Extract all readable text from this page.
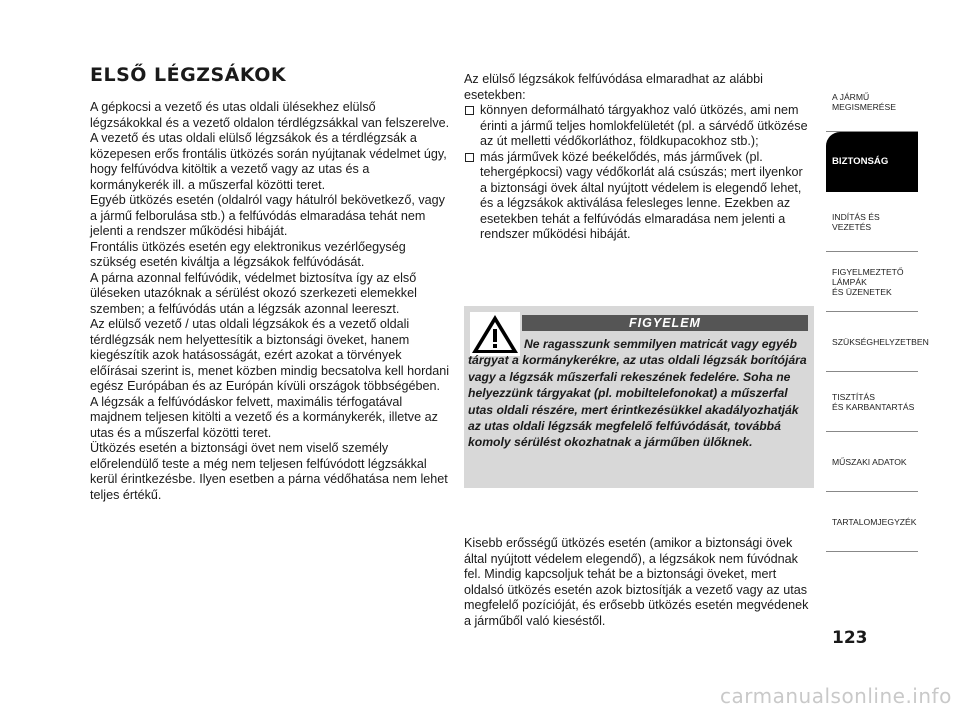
ELSŐ LÉGZSÁKOK

A gépkocsi a vezető és utas oldali ülésekhez elülső légzsákokkal és a vezető oldalon térdlégzsákkal van felszerelve.
A vezető és utas oldali elülső légzsákok és a térdlégzsák a közepesen erős frontális ütközés során nyújtanak védelmet úgy, hogy felfúvódva kitöltik a vezető vagy az utas és a kormánykerék ill. a műszerfal közötti teret.
Egyéb ütközés esetén (oldalról vagy hátulról bekövetkező, vagy a jármű felborulása stb.) a felfúvódás elmaradása tehát nem jelenti a rendszer működési hibáját.
Frontális ütközés esetén egy elektronikus vezérlőegység szükség esetén kiváltja a légzsákok felfúvódását.
A párna azonnal felfúvódik, védelmet biztosítva így az első üléseken utazóknak a sérülést okozó szerkezeti elemekkel szemben; a felfúvódás után a légzsák azonnal leereszt.
Az elülső vezető / utas oldali légzsákok és a vezető oldali térdlégzsák nem helyettesítik a biztonsági öveket, hanem kiegészítik azok hatásosságát, ezért azokat a törvények előírásai szerint is, menet közben mindig becsatolva kell hordani egész Európában és az Európán kívüli országok többségében.
A légzsák a felfúvódáskor felvett, maximális térfogatával majdnem teljesen kitölti a vezető és a kormánykerék, illetve az utas és a műszerfal közötti teret.
Ütközés esetén a biztonsági övet nem viselő személy előrelendülő teste a még nem teljesen felfúvódott légzsákkal kerül érintkezésbe. Ilyen esetben a párna védőhatása nem lehet teljes értékű.

Az elülső légzsákok felfúvódása elmaradhat az alábbi esetekben:

könnyen deformálható tárgyakhoz való ütközés, ami nem érinti a jármű teljes homlokfelületét (pl. a sárvédő ütközése az út melletti védőkorláthoz, földkupacokhoz stb.);
más járművek közé beékelődés, más járművek (pl. tehergépkocsi) vagy védőkorlát alá csúszás; mert ilyenkor a biztonsági övek által nyújtott védelem is elegendő lehet, és a légzsákok aktiválása felesleges lenne. Ezekben az esetekben tehát a felfúvódás elmaradása nem jelenti a rendszer működési hibáját.
FIGYELEM

Ne ragasszunk semmilyen matricát vagy egyéb tárgyat a kormánykerékre, az utas oldali légzsák borítójára vagy a légzsák műszerfali rekeszének fedelére. Soha ne helyezzünk tárgyakat (pl. mobiltelefonokat) a műszerfal utas oldali részére, mert érintkezésükkel akadályozhatják az utas oldali légzsák megfelelő felfúvódását, továbbá komoly sérülést okozhatnak a járműben ülőknek.

Kisebb erősségű ütközés esetén (amikor a biztonsági övek által nyújtott védelem elegendő), a légzsákok nem fúvódnak fel. Mindig kapcsoljuk tehát be a biztonsági öveket, mert oldalsó ütközés esetén azok biztosítják a vezető vagy az utas megfelelő pozícióját, és erősebb ütközés esetén megvédenek a járműből való kieséstől.

A JÁRMŰ
MEGISMERÉSE
BIZTONSÁG
INDÍTÁS ÉS VEZETÉS
FIGYELMEZTETŐ
LÁMPÁK
ÉS ÜZENETEK
SZÜKSÉGHELYZETBEN
TISZTÍTÁS
ÉS KARBANTARTÁS
MŰSZAKI ADATOK
TARTALOMJEGYZÉK
123
carmanualsonline.info
